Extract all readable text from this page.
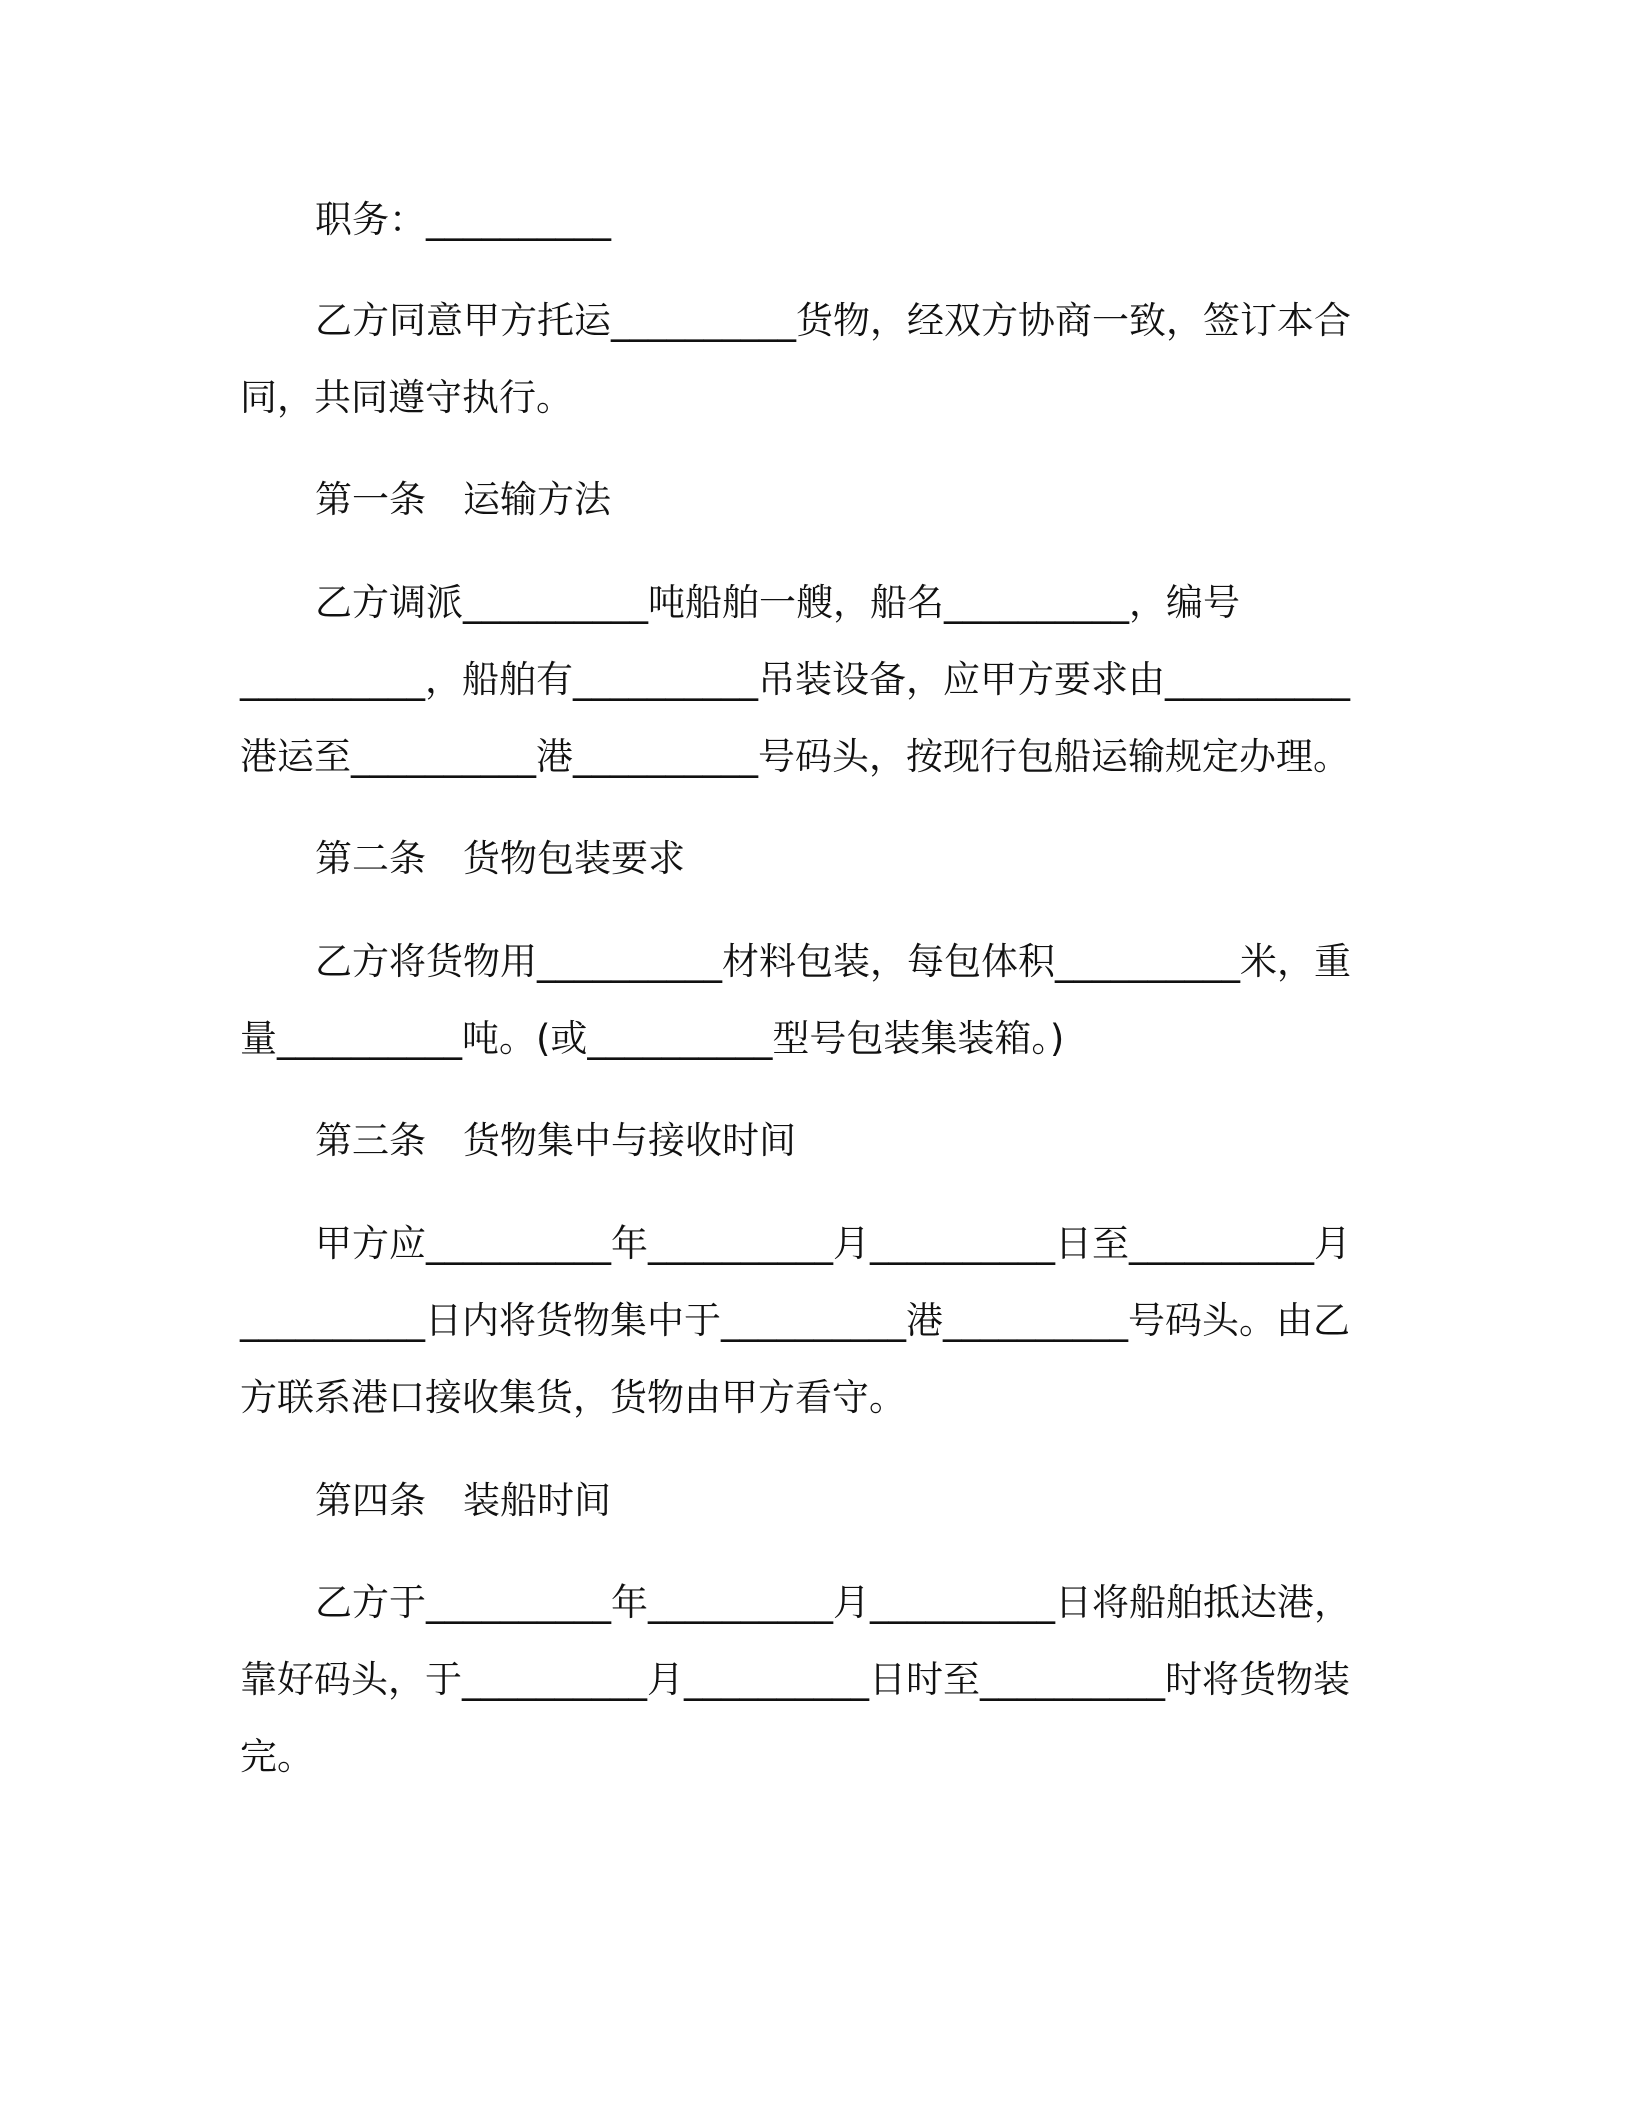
职务：__________
乙方同意甲方托运__________货物，经双方协商一致，签订本合
同，共同遵守执行。
第一条　运输方法
乙方调派__________吨船舶一艘，船名__________，编号
__________，船舶有__________吊装设备，应甲方要求由__________
港运至__________港__________号码头，按现行包船运输规定办理。
第二条　货物包装要求
乙方将货物用__________材料包装，每包体积__________米，重
量__________吨。(或__________型号包装集装箱。)
第三条　货物集中与接收时间
甲方应__________年__________月__________日至__________月
__________日内将货物集中于__________港__________号码头。由乙
方联系港口接收集货，货物由甲方看守。
第四条　装船时间
乙方于__________年__________月__________日将船舶抵达港，
靠好码头，于__________月__________日时至__________时将货物装
完。
